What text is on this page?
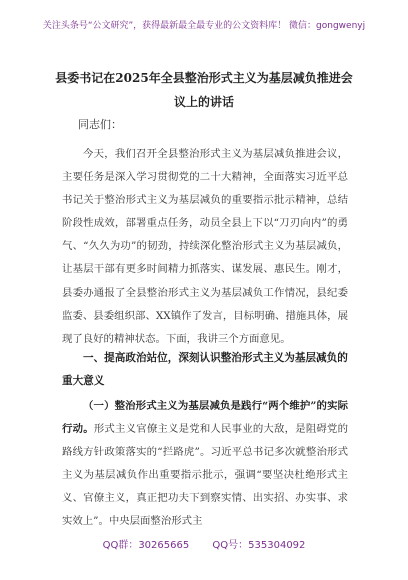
关注头条号“公文研究”，获得最新最全最专业的公文资料库！ 微信：gongwenyj
县委书记在2025年全县整治形式主义为基层减负推进会议上的讲话
同志们：

今天，我们召开全县整治形式主义为基层减负推进会议，主要任务是深入学习贯彻党的二十大精神，全面落实习近平总书记关于整治形式主义为基层减负的重要指示批示精神，总结阶段性成效，部署重点任务，动员全县上下以“刀刃向内”的勇气、“久久为功”的韧劲，持续深化整治形式主义为基层减负，让基层干部有更多时间精力抓落实、谋发展、惠民生。刚才，县委办通报了全县整治形式主义为基层减负工作情况，县纪委监委、县委组织部、XX镇作了发言，目标明确、措施具体，展现了良好的精神状态。下面，我讲三个方面意见。

一、提高政治站位，深刻认识整治形式主义为基层减负的重大意义

（一）整治形式主义为基层减负是践行“两个维护”的实际行动。形式主义官僚主义是党和人民事业的大敌，是阻碍党的路线方针政策落实的“拦路虎”。习近平总书记多次就整治形式主义为基层减负作出重要指示批示，强调“要坚决杜绝形式主义、官僚主义，真正把功夫下到察实情、出实招、办实事、求实效上”。中央层面整治形式主

QQ群：30265665 QQ号：535304092
